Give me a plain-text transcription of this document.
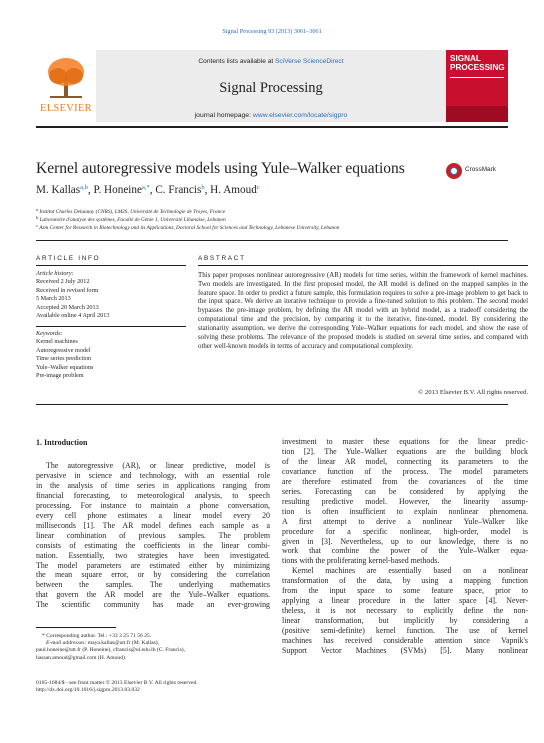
Signal Processing 93 (2013) 3061–3061
ELSEVIER
Contents lists available at SciVerse ScienceDirect
Signal Processing
journal homepage: www.elsevier.com/locate/sigpro
SIGNAL
PROCESSING
Kernel autoregressive models using Yule–Walker equations	CrossMark
M. Kallas$^{a,b}$, P. Honeine$^{a,*}$, C. Francis$^b$, H. Amoud$^c$
$^a$ Institut Charles Delaunay (CNRS), LM2S, Université de Technologie de Troyes, France
$^b$ Laboratoire d'analyse des systèmes, Faculté de Génie 1, Université Libanaise, Lebanon
$^c$ Azm Center for Research in Biotechnology and its Applications, Doctoral School for Sciences and Technology, Lebanese University, Lebanon
ARTICLE INFO
Article history:
Received 2 July 2012
Received in revised form
5 March 2013
Accepted 20 March 2013
Available online 4 April 2013
Keywords:
Kernel machines
Autoregressive model
Time series prediction
Yule–Walker equations
Pre-image problem
ABSTRACT
This paper proposes nonlinear autoregressive (AR) models for time series, within the framework of kernel machines. Two models are investigated. In the first proposed model, the AR model is defined on the mapped samples in the feature space. In order to predict a future sample, this formulation requires to solve a pre-image problem to get back to the input space. We derive an iterative technique to provide a fine-tuned solution to this problem. The second model bypasses the pre-image problem, by defining the AR model with an hybrid model, as a tradeoff considering the computational time and the precision, by comparing it to the iterative, fine-tuned, model. By considering the stationarity assumption, we derive the corresponding Yule–Walker equations for each model, and show the ease of solving these problems. The relevance of the proposed models is studied on several time series, and compared with other well-known models in terms of accuracy and computational complexity.
© 2013 Elsevier B.V. All rights reserved.
1. Introduction
The autoregressive (AR), or linear predictive, model is
pervasive in science and technology, with an essential role
in the analysis of time series in applications ranging from
financial forecasting, to meteorological analysis, to speech
processing. For instance to maintain a phone conversation,
every cell phone estimates a linear model every 20
milliseconds [1]. The AR model defines each sample as a
linear combination of previous samples. The problem
consists of estimating the coefficients in the linear combi-
nation. Essentially, two strategies have been investigated.
The model parameters are estimated either by minimizing
the mean square error, or by considering the correlation
between the samples. The underlying mathematics
that govern the AR model are the Yule–Walker equations.
The scientific community has made an ever-growing
investment to master these equations for the linear predic-
tion [2]. The Yule–Walker equations are the building block
of the linear AR model, connecting its parameters to the
covariance function of the process. The model parameters
are therefore estimated from the covariances of the time
series. Forecasting can be considered by applying the
resulting predictive model. However, the linearity assump-
tion is often insufficient to explain nonlinear phenomena.
A first attempt to derive a nonlinear Yule–Walker like
procedure for a specific nonlinear, high-order, model is
given in [3]. Nevertheless, up to our knowledge, there is no
work that combine the power of the Yule–Walker equa-
tions with the proliferating kernel-based methods.
Kernel machines are essentially based on a nonlinear
transformation of the data, by using a mapping function
from the input space to some feature space, prior to
applying a linear procedure in the latter space [4]. Never-
theless, it is not necessary to explicitly define the non-
linear transformation, but implicitly by considering a
(positive semi-definite) kernel function. The use of kernel
machines has received considerable attention since Vapnik's
Support Vector Machines (SVMs) [5]. Many nonlinear
* Corresponding author. Tel.: +33 3 25 71 56 25.
E-mail addresses: maya.kallas@utt.fr (M. Kallas),
paul.honeine@utt.fr (P. Honeine), cfrancis@ul.edu.lb (C. Francis),
hassan.amoud@gmail.com (H. Amoud).
0165-1684/$ - see front matter © 2013 Elsevier B.V. All rights reserved.
http://dx.doi.org/10.1016/j.sigpro.2013.03.032
